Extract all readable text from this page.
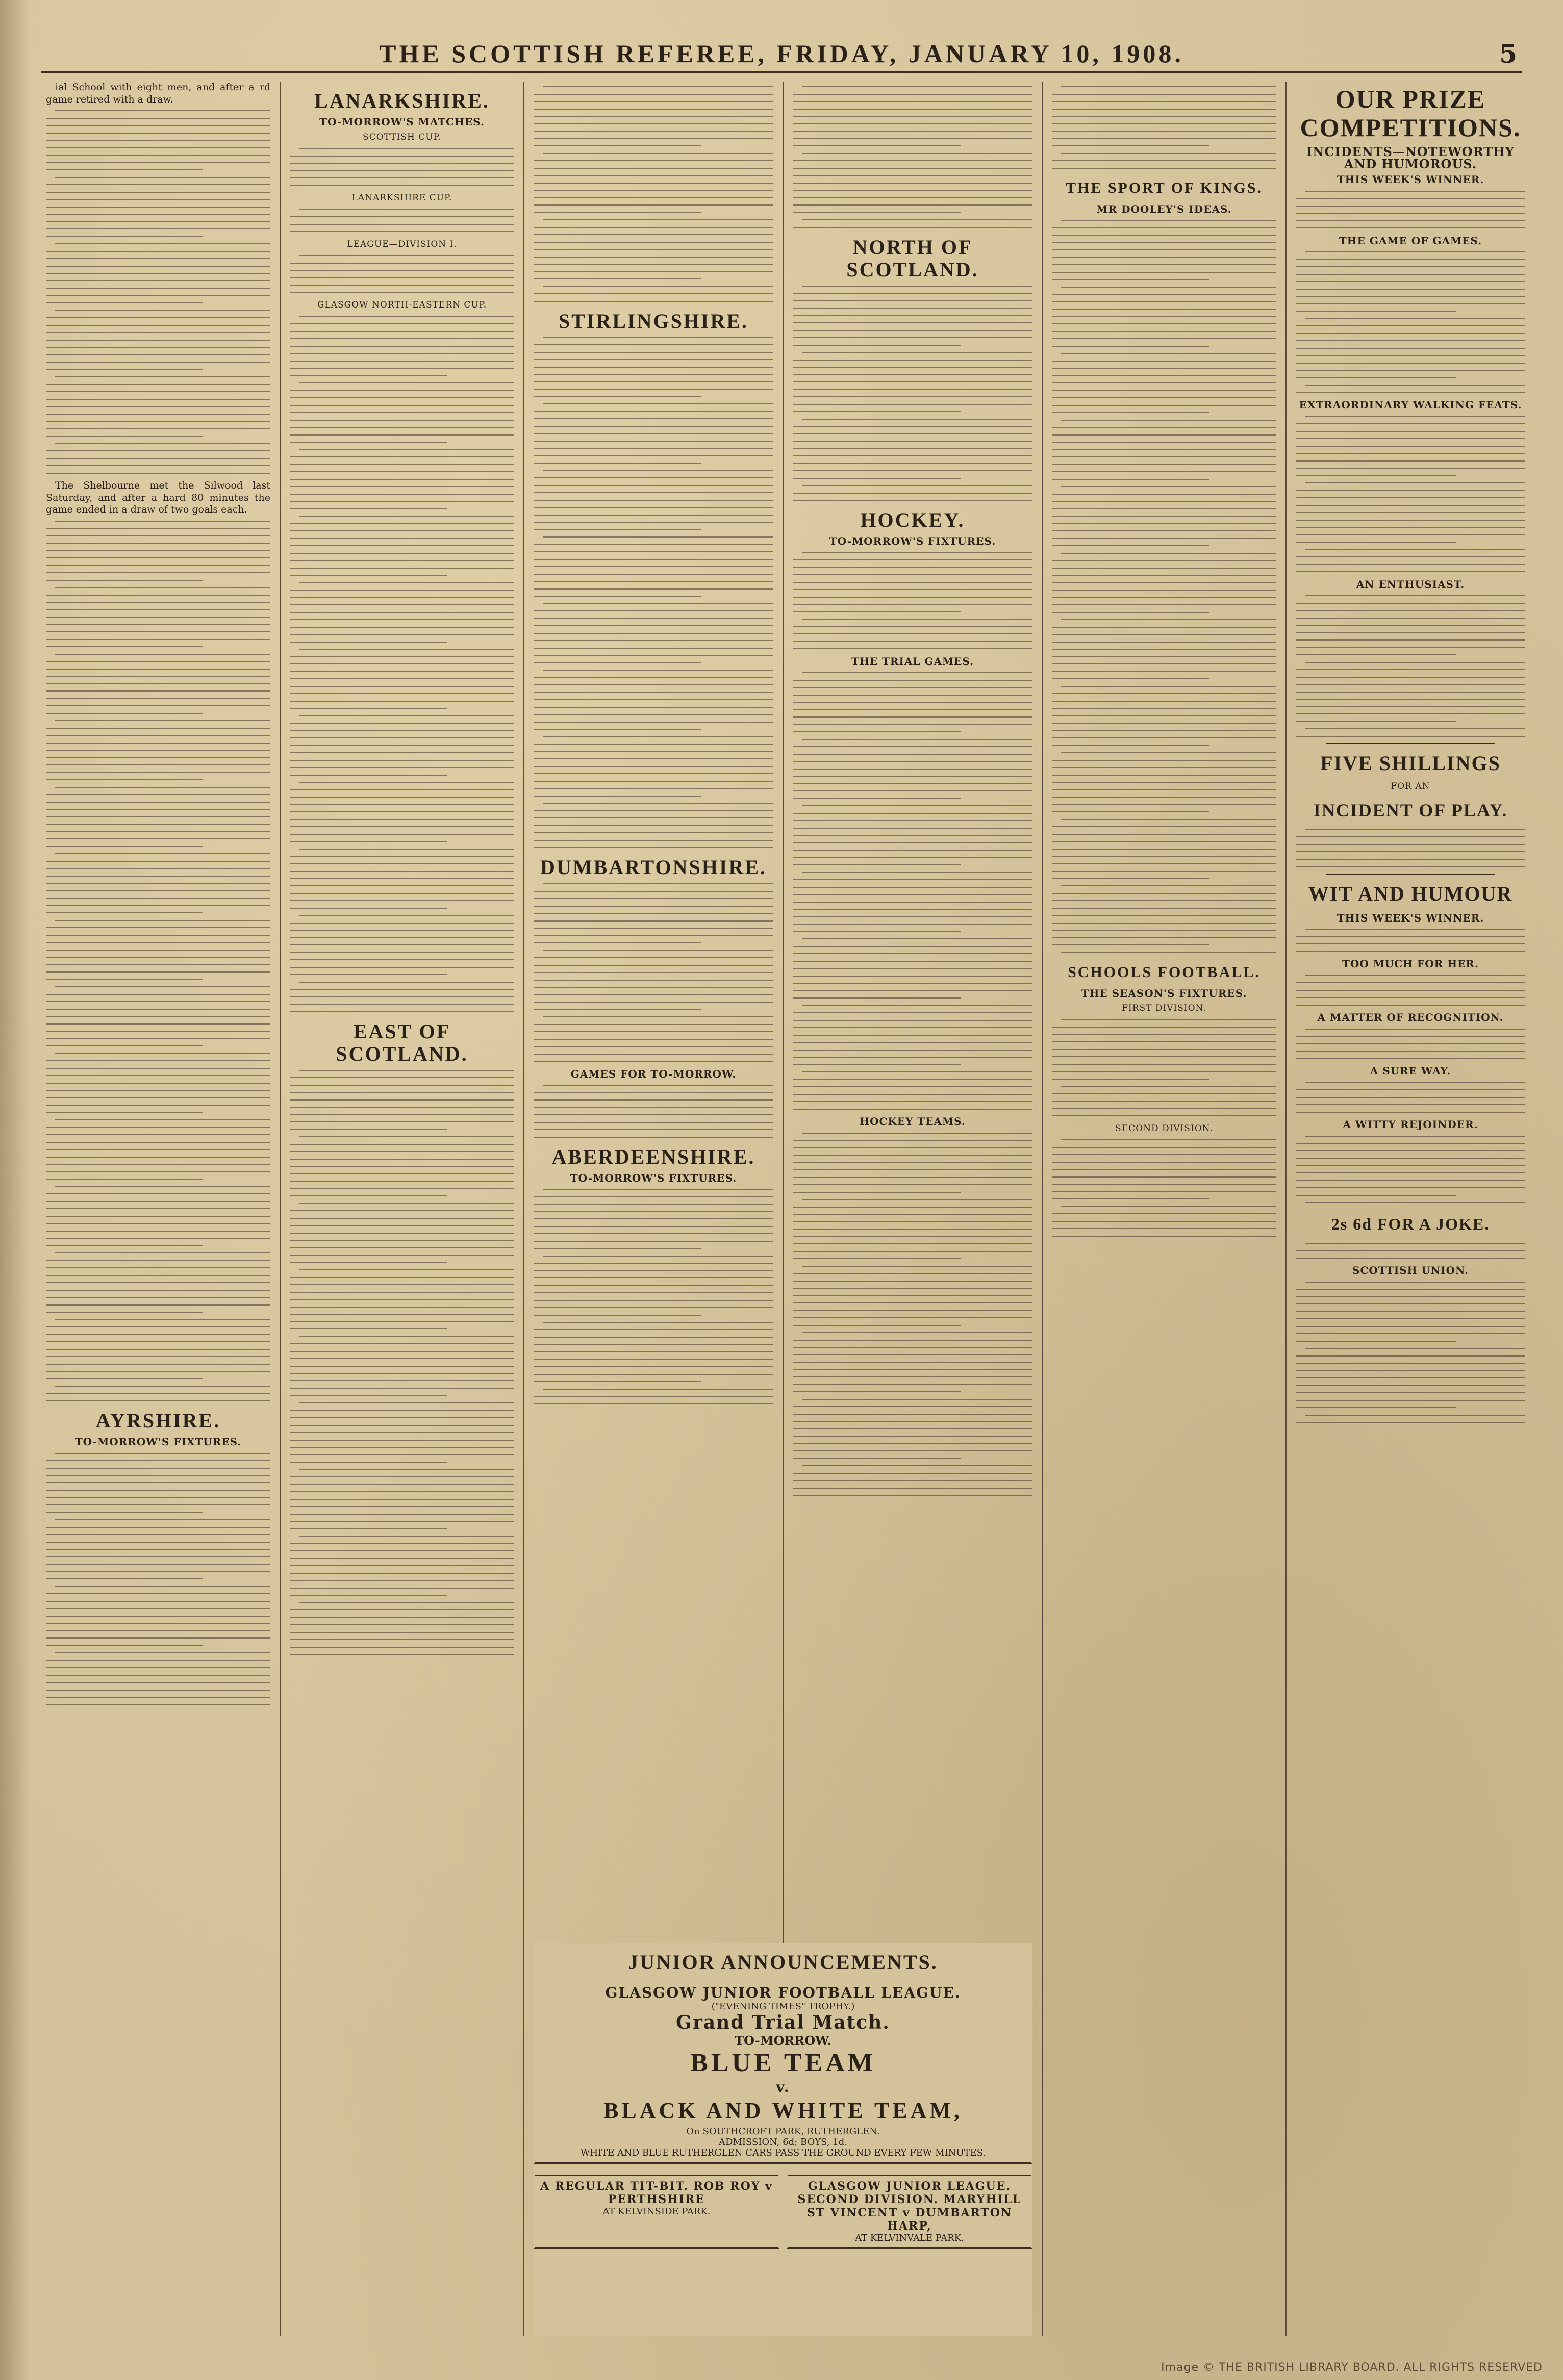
THE SCOTTISH REFEREE, FRIDAY, JANUARY 10, 1908.	5

ial School with eight men, and after a rd game retired with a draw.

The Shelbourne met the Silwood last Saturday, and after a hard 80 minutes the game ended in a draw of two goals each.

AYRSHIRE.
TO-MORROW'S FIXTURES.
LANARKSHIRE.
TO-MORROW'S MATCHES.
SCOTTISH CUP.
LANARKSHIRE CUP.
LEAGUE—DIVISION I.
GLASGOW NORTH-EASTERN CUP.
EAST OF SCOTLAND.
STIRLINGSHIRE.
DUMBARTONSHIRE.
GAMES FOR TO-MORROW.
ABERDEENSHIRE.
TO-MORROW'S FIXTURES.
NORTH OF SCOTLAND.
HOCKEY.
TO-MORROW'S FIXTURES.
THE TRIAL GAMES.
HOCKEY TEAMS.
THE SPORT OF KINGS.
MR DOOLEY'S IDEAS.
SCHOOLS FOOTBALL.
THE SEASON'S FIXTURES.
FIRST DIVISION.
SECOND DIVISION.
OUR PRIZE COMPETITIONS.
INCIDENTS—NOTEWORTHY AND HUMOROUS.
THIS WEEK'S WINNER.
THE GAME OF GAMES.
EXTRAORDINARY WALKING FEATS.
AN ENTHUSIAST.
FIVE SHILLINGS
FOR AN
INCIDENT OF PLAY.
WIT AND HUMOUR
THIS WEEK'S WINNER.
TOO MUCH FOR HER.
A MATTER OF RECOGNITION.
A SURE WAY.
A WITTY REJOINDER.
2s 6d FOR A JOKE.
SCOTTISH UNION.
JUNIOR ANNOUNCEMENTS.
GLASGOW JUNIOR FOOTBALL LEAGUE.
("EVENING TIMES" TROPHY.)
Grand Trial Match.
TO-MORROW.
BLUE TEAM
v.
BLACK AND WHITE TEAM,
On SOUTHCROFT PARK, RUTHERGLEN.
ADMISSION, 6d; BOYS, 1d.
WHITE AND BLUE RUTHERGLEN CARS PASS THE GROUND EVERY FEW MINUTES.
A REGULAR TIT-BIT. ROB ROY v PERTHSHIRE
AT KELVINSIDE PARK.
GLASGOW JUNIOR LEAGUE. SECOND DIVISION. MARYHILL ST VINCENT v DUMBARTON HARP,
AT KELVINVALE PARK.
Image © THE BRITISH LIBRARY BOARD. ALL RIGHTS RESERVED
